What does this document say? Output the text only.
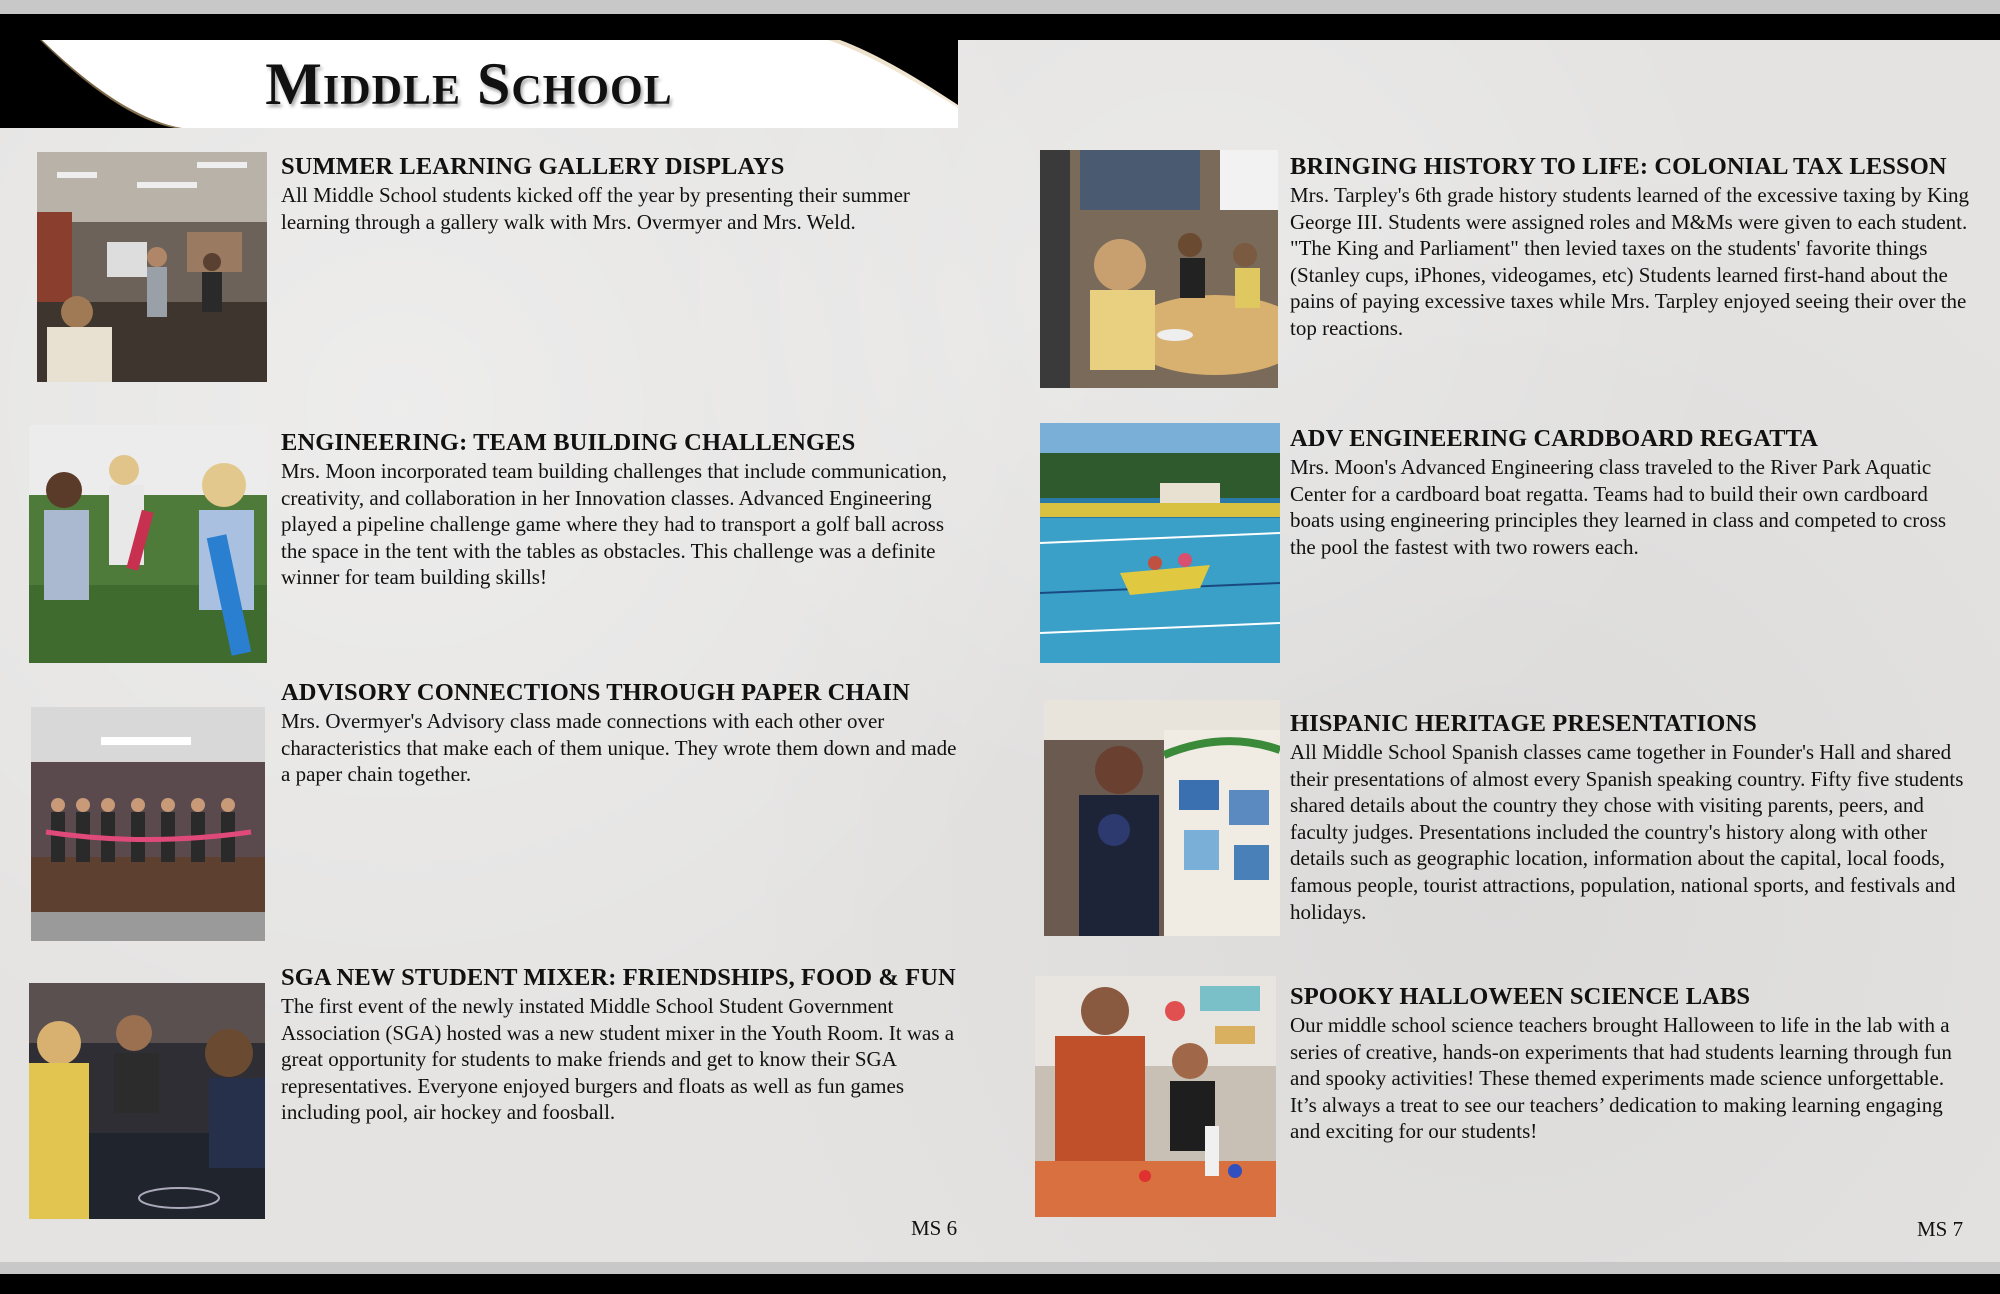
Middle School
SUMMER LEARNING GALLERY DISPLAYS

All Middle School students kicked off the year by presenting their summer learning through a gallery walk with Mrs. Overmyer and Mrs. Weld.

ENGINEERING: TEAM BUILDING CHALLENGES

Mrs. Moon incorporated team building challenges that include communication, creativity, and collaboration in her Innovation classes. Advanced Engineering played a pipeline challenge game where they had to transport a golf ball across the space in the tent with the tables as obstacles. This challenge was a definite winner for team building skills!

ADVISORY CONNECTIONS THROUGH PAPER CHAIN

Mrs. Overmyer's Advisory class made connections with each other over characteristics that make each of them unique. They wrote them down and made a paper chain together.

SGA NEW STUDENT MIXER: FRIENDSHIPS, FOOD & FUN

The first event of the newly instated Middle School Student Government Association (SGA) hosted was a new student mixer in the Youth Room. It was a great opportunity for students to make friends and get to know their SGA representatives. Everyone enjoyed burgers and floats as well as fun games including pool, air hockey and foosball.

MS 6
BRINGING HISTORY TO LIFE: COLONIAL TAX LESSON

Mrs. Tarpley's 6th grade history students learned of the excessive taxing by King George III. Students were assigned roles and M&Ms were given to each student. "The King and Parliament" then levied taxes on the students' favorite things (Stanley cups, iPhones, videogames, etc) Students learned first-hand about the pains of paying excessive taxes while Mrs. Tarpley enjoyed seeing their over the top reactions.

ADV ENGINEERING CARDBOARD REGATTA

Mrs. Moon's Advanced Engineering class traveled to the River Park Aquatic Center for a cardboard boat regatta. Teams had to build their own cardboard boats using engineering principles they learned in class and competed to cross the pool the fastest with two rowers each.

HISPANIC HERITAGE PRESENTATIONS

All Middle School Spanish classes came together in Founder's Hall and shared their presentations of almost every Spanish speaking country. Fifty five students shared details about the country they chose with visiting parents, peers, and faculty judges. Presentations included the country's history along with other details such as geographic location, information about the capital, local foods, famous people, tourist attractions, population, national sports, and festivals and holidays.

SPOOKY HALLOWEEN SCIENCE LABS

Our middle school science teachers brought Halloween to life in the lab with a series of creative, hands-on experiments that had students learning through fun and spooky activities! These themed experiments made science unforgettable. It’s always a treat to see our teachers’ dedication to making learning engaging and exciting for our students!

MS 7
